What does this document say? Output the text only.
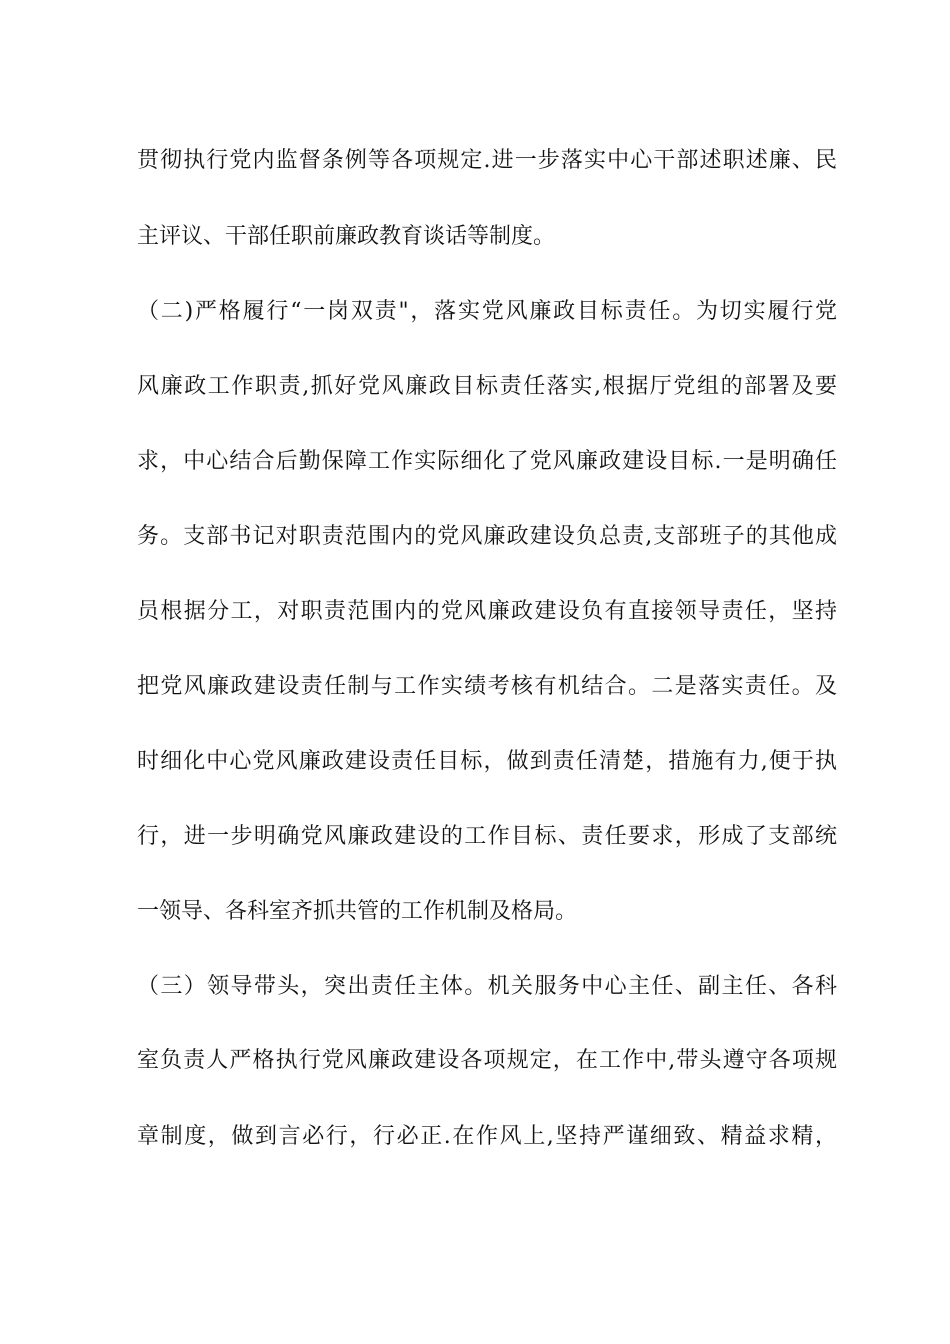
贯彻执行党内监督条例等各项规定.进一步落实中心干部述职述廉、民
主评议、干部任职前廉政教育谈话等制度。
（二)严格履行“一岗双责"，落实党风廉政目标责任。为切实履行党
风廉政工作职责,抓好党风廉政目标责任落实,根据厅党组的部署及要
求，中心结合后勤保障工作实际细化了党风廉政建设目标.一是明确任
务。支部书记对职责范围内的党风廉政建设负总责,支部班子的其他成
员根据分工，对职责范围内的党风廉政建设负有直接领导责任，坚持
把党风廉政建设责任制与工作实绩考核有机结合。二是落实责任。及
时细化中心党风廉政建设责任目标，做到责任清楚，措施有力,便于执
行，进一步明确党风廉政建设的工作目标、责任要求，形成了支部统
一领导、各科室齐抓共管的工作机制及格局。
（三）领导带头，突出责任主体。机关服务中心主任、副主任、各科
室负责人严格执行党风廉政建设各项规定，在工作中,带头遵守各项规
章制度，做到言必行，行必正.在作风上,坚持严谨细致、精益求精，
